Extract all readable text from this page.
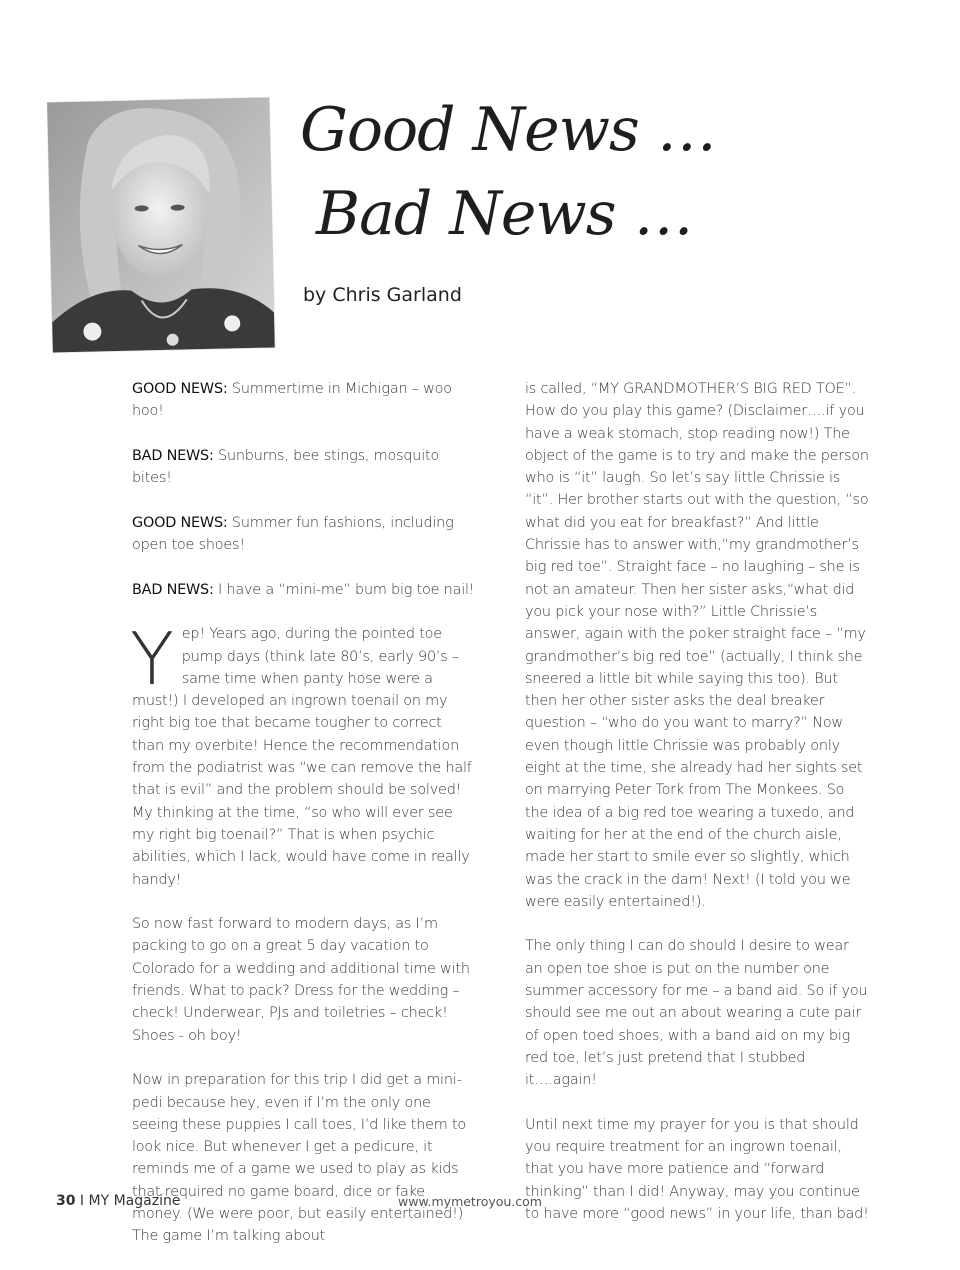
Good News …
Bad News …
by Chris Garland

GOOD NEWS: Summertime in Michigan – woo hoo!

BAD NEWS: Sunburns, bee stings, mosquito bites!

GOOD NEWS: Summer fun fashions, including open toe shoes!

BAD NEWS: I have a “mini-me” bum big toe nail!

Yep! Years ago, during the pointed toe pump days (think late 80’s, early 90’s – same time when panty hose were a must!) I developed an ingrown toenail on my right big toe that became tougher to correct than my overbite! Hence the recommendation from the podiatrist was “we can remove the half that is evil” and the problem should be solved! My thinking at the time, “so who will ever see my right big toenail?” That is when psychic abilities, which I lack, would have come in really handy!

So now fast forward to modern days, as I’m packing to go on a great 5 day vacation to Colorado for a wedding and additional time with friends. What to pack? Dress for the wedding – check! Underwear, PJs and toiletries – check! Shoes - oh boy!

Now in preparation for this trip I did get a mini-pedi because hey, even if I’m the only one seeing these puppies I call toes, I’d like them to look nice. But whenever I get a pedicure, it reminds me of a game we used to play as kids that required no game board, dice or fake money. (We were poor, but easily entertained!) The game I’m talking about

is called, “MY GRANDMOTHER’S BIG RED TOE”. How do you play this game? (Disclaimer….if you have a weak stomach, stop reading now!) The object of the game is to try and make the person who is “it” laugh. So let’s say little Chrissie is “it”. Her brother starts out with the question, “so what did you eat for breakfast?” And little Chrissie has to answer with,“my grandmother’s big red toe”. Straight face – no laughing – she is not an amateur. Then her sister asks,“what did you pick your nose with?” Little Chrissie’s answer, again with the poker straight face – “my grandmother’s big red toe” (actually, I think she sneered a little bit while saying this too). But then her other sister asks the deal breaker question – “who do you want to marry?” Now even though little Chrissie was probably only eight at the time, she already had her sights set on marrying Peter Tork from The Monkees. So the idea of a big red toe wearing a tuxedo, and waiting for her at the end of the church aisle, made her start to smile ever so slightly, which was the crack in the dam! Next! (I told you we were easily entertained!).

The only thing I can do should I desire to wear an open toe shoe is put on the number one summer accessory for me – a band aid. So if you should see me out an about wearing a cute pair of open toed shoes, with a band aid on my big red toe, let’s just pretend that I stubbed it….again!

Until next time my prayer for you is that should you require treatment for an ingrown toenail, that you have more patience and “forward thinking” than I did! Anyway, may you continue to have more “good news” in your life, than bad!

30 I MY Magazine	www.mymetroyou.com
